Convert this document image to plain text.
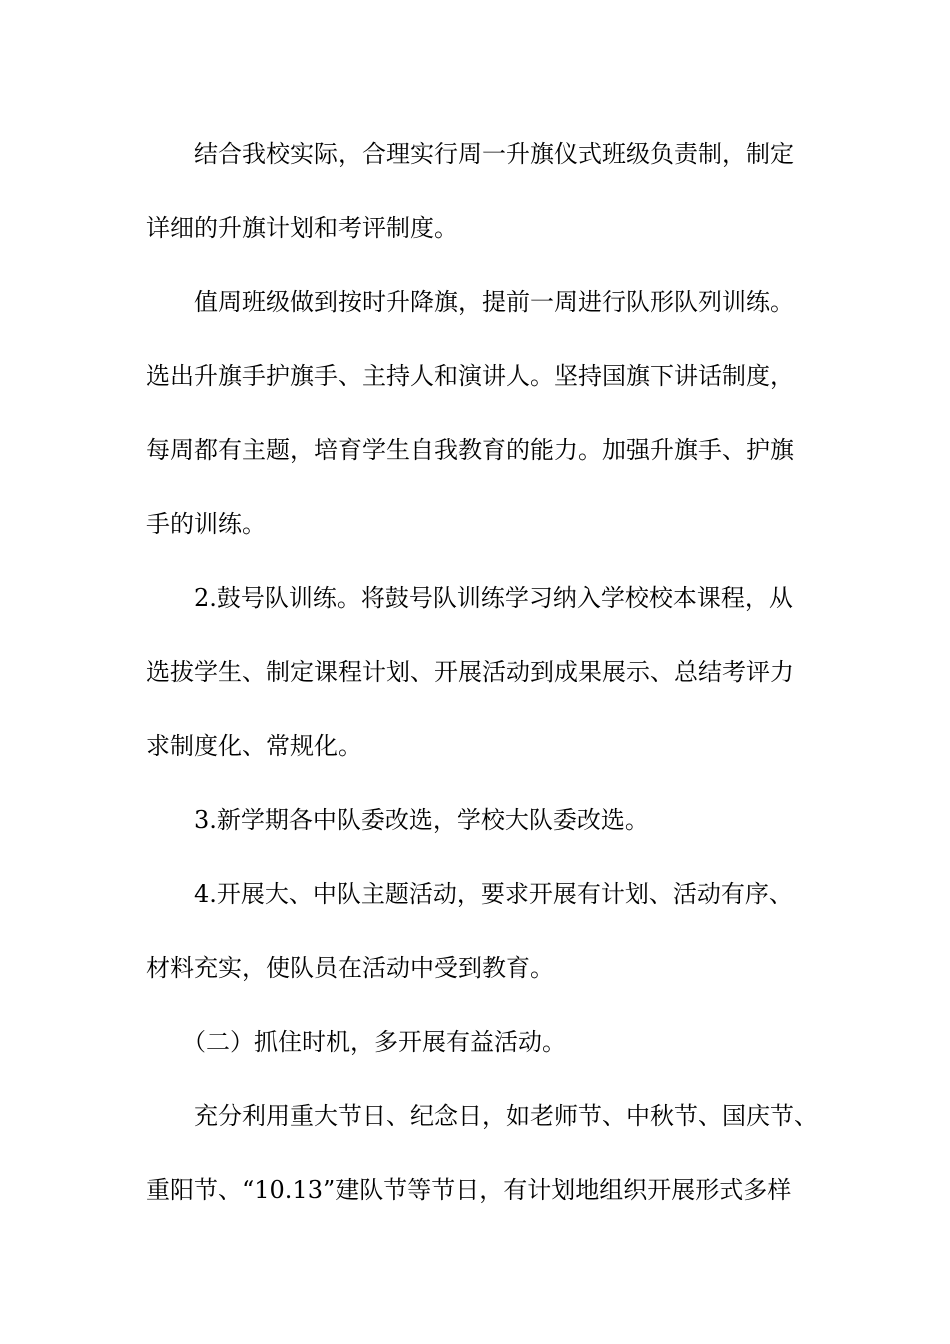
结合我校实际，合理实行周一升旗仪式班级负责制，制定
详细的升旗计划和考评制度。
值周班级做到按时升降旗，提前一周进行队形队列训练。
选出升旗手护旗手、主持人和演讲人。坚持国旗下讲话制度，
每周都有主题，培育学生自我教育的能力。加强升旗手、护旗
手的训练。
2.鼓号队训练。将鼓号队训练学习纳入学校校本课程，从
选拔学生、制定课程计划、开展活动到成果展示、总结考评力
求制度化、常规化。
3.新学期各中队委改选，学校大队委改选。
4.开展大、中队主题活动，要求开展有计划、活动有序、
材料充实，使队员在活动中受到教育。
（二）抓住时机，多开展有益活动。
充分利用重大节日、纪念日，如老师节、中秋节、国庆节、
重阳节、“10.13”建队节等节日，有计划地组织开展形式多样
